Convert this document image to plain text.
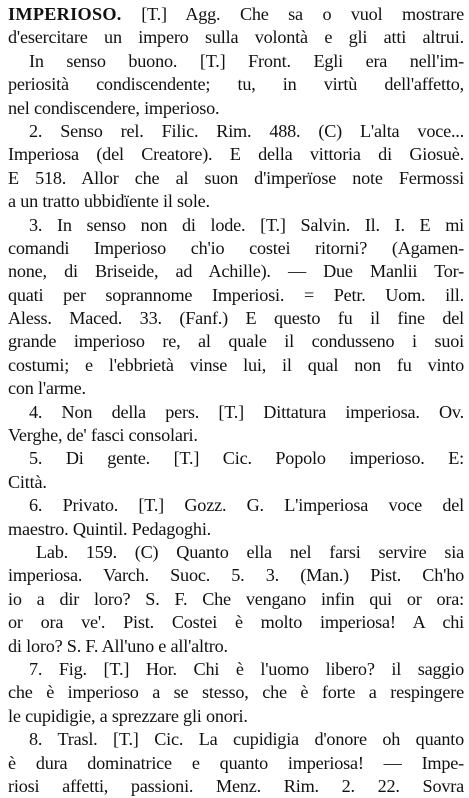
IMPERIOSO. [T.] Agg. Che sa o vuol mostrare
d'esercitare un impero sulla volontà e gli atti altrui.
In senso buono. [T.] Front. Egli era nell'im-
periosità condiscendente; tu, in virtù dell'affetto,
nel condiscendere, imperioso.
2. Senso rel. Filic. Rim. 488. (C) L'alta voce...
Imperiosa (del Creatore). E della vittoria di Giosuè.
E 518. Allor che al suon d'imperïose note Fermossi
a un tratto ubbidïente il sole.
3. In senso non di lode. [T.] Salvin. Il. I. E mi
comandi Imperioso ch'io costei ritorni? (Agamen-
none, di Briseide, ad Achille). — Due Manlii Tor-
quati per soprannome Imperiosi. = Petr. Uom. ill.
Aless. Maced. 33. (Fanf.) E questo fu il fine del
grande imperioso re, al quale il condusseno i suoi
costumi; e l'ebbrietà vinse lui, il qual non fu vinto
con l'arme.
4. Non della pers. [T.] Dittatura imperiosa. Ov.
Verghe, de' fasci consolari.
5. Di gente. [T.] Cic. Popolo imperioso. E:
Città.
6. Privato. [T.] Gozz. G. L'imperiosa voce del
maestro. Quintil. Pedagoghi.
Lab. 159. (C) Quanto ella nel farsi servire sia
imperiosa. Varch. Suoc. 5. 3. (Man.) Pist. Ch'ho
io a dir loro? S. F. Che vengano infin qui or ora:
or ora ve'. Pist. Costei è molto imperiosa! A chi
di loro? S. F. All'uno e all'altro.
7. Fig. [T.] Hor. Chi è l'uomo libero? il saggio
che è imperioso a se stesso, che è forte a respingere
le cupidigie, a sprezzare gli onori.
8. Trasl. [T.] Cic. La cupidigia d'onore oh quanto
è dura dominatrice e quanto imperiosa! — Impe-
riosi affetti, passioni. Menz. Rim. 2. 22. Sovra
